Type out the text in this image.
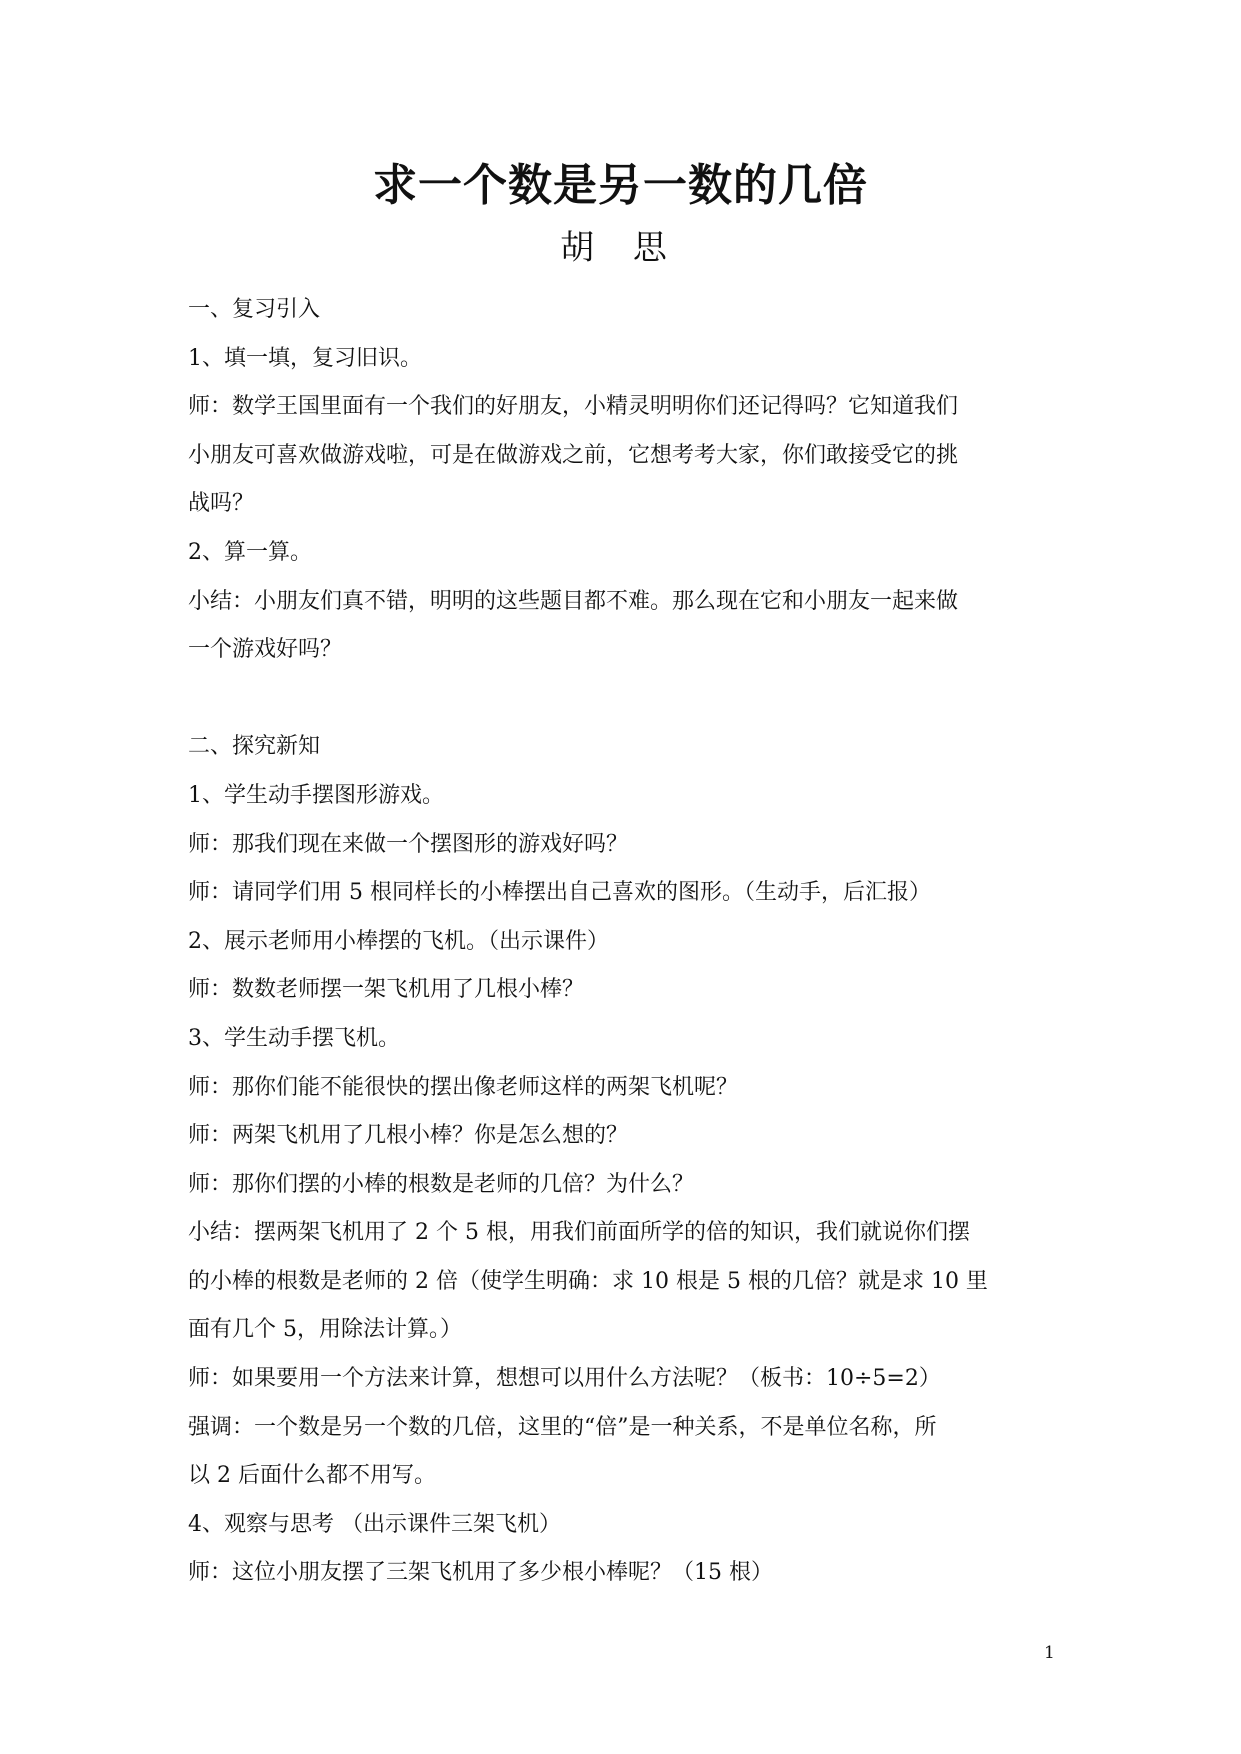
求一个数是另一数的几倍
胡 思
一、复习引入
1、填一填，复习旧识。
师：数学王国里面有一个我们的好朋友，小精灵明明你们还记得吗？它知道我们
小朋友可喜欢做游戏啦，可是在做游戏之前，它想考考大家，你们敢接受它的挑
战吗？
2、算一算。
小结：小朋友们真不错，明明的这些题目都不难。那么现在它和小朋友一起来做
一个游戏好吗？
二、探究新知
1、学生动手摆图形游戏。
师：那我们现在来做一个摆图形的游戏好吗？
师：请同学们用 5 根同样长的小棒摆出自己喜欢的图形。（生动手，后汇报）
2、展示老师用小棒摆的飞机。（出示课件）
师：数数老师摆一架飞机用了几根小棒？
3、学生动手摆飞机。
师：那你们能不能很快的摆出像老师这样的两架飞机呢？
师：两架飞机用了几根小棒？你是怎么想的？
师：那你们摆的小棒的根数是老师的几倍？为什么？
小结：摆两架飞机用了 2 个 5 根，用我们前面所学的倍的知识，我们就说你们摆
的小棒的根数是老师的 2 倍（使学生明确：求 10 根是 5 根的几倍？就是求 10 里
面有几个 5，用除法计算。）
师：如果要用一个方法来计算，想想可以用什么方法呢？（板书：10÷5=2）
强调：一个数是另一个数的几倍，这里的“倍”是一种关系，不是单位名称，所
以 2 后面什么都不用写。
4、观察与思考 （出示课件三架飞机）
师：这位小朋友摆了三架飞机用了多少根小棒呢？（15 根）
1
